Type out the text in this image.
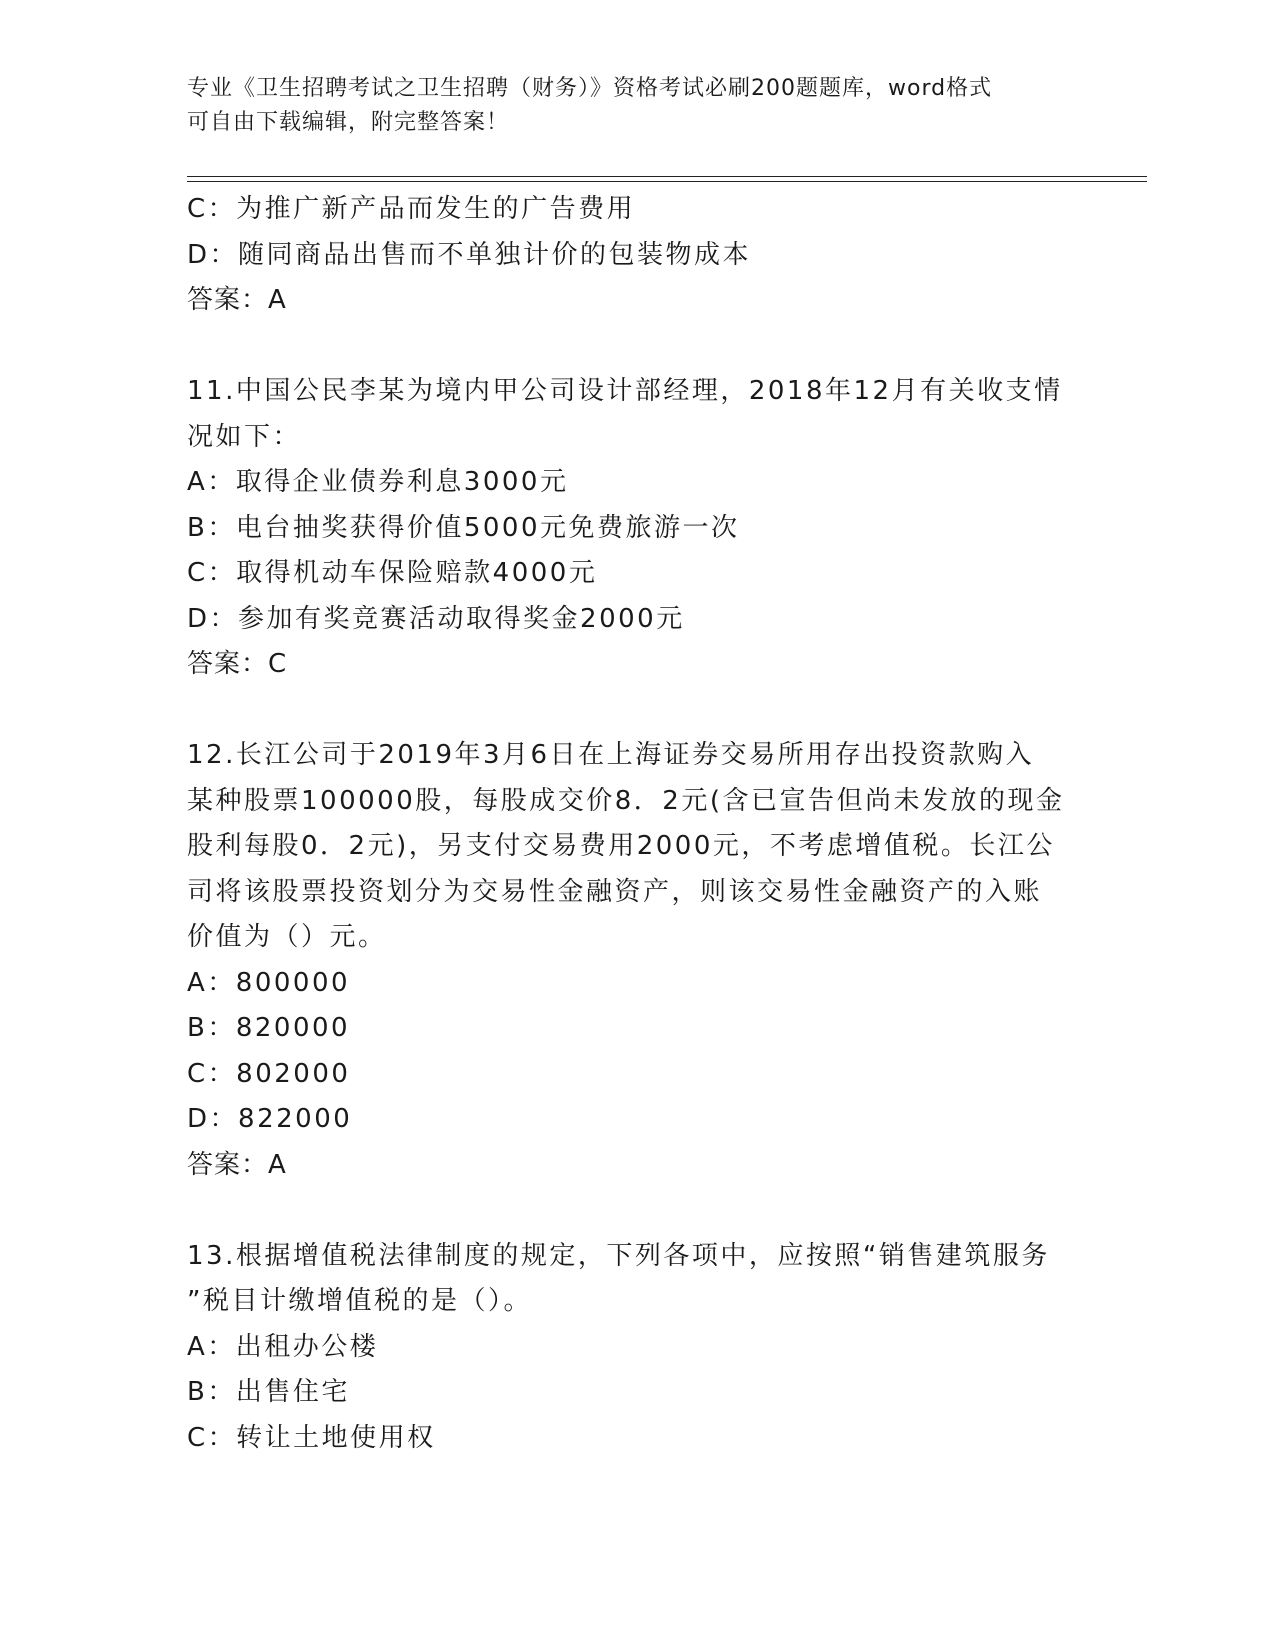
专业《卫生招聘考试之卫生招聘（财务）》资格考试必刷200题题库，word格式
可自由下载编辑，附完整答案！
C：为推广新产品而发生的广告费用
D：随同商品出售而不单独计价的包装物成本
答案：A
11.中国公民李某为境内甲公司设计部经理，2018年12月有关收支情
况如下：
A：取得企业债券利息3000元
B：电台抽奖获得价值5000元免费旅游一次
C：取得机动车保险赔款4000元
D：参加有奖竞赛活动取得奖金2000元
答案：C
12.长江公司于2019年3月6日在上海证券交易所用存出投资款购入
某种股票100000股，每股成交价8．2元(含已宣告但尚未发放的现金
股利每股0．2元)，另支付交易费用2000元，不考虑增值税。长江公
司将该股票投资划分为交易性金融资产，则该交易性金融资产的入账
价值为（）元。
A：800000
B：820000
C：802000
D：822000
答案：A
13.根据增值税法律制度的规定，下列各项中，应按照“销售建筑服务
”税目计缴增值税的是（）。
A：出租办公楼
B：出售住宅
C：转让土地使用权
